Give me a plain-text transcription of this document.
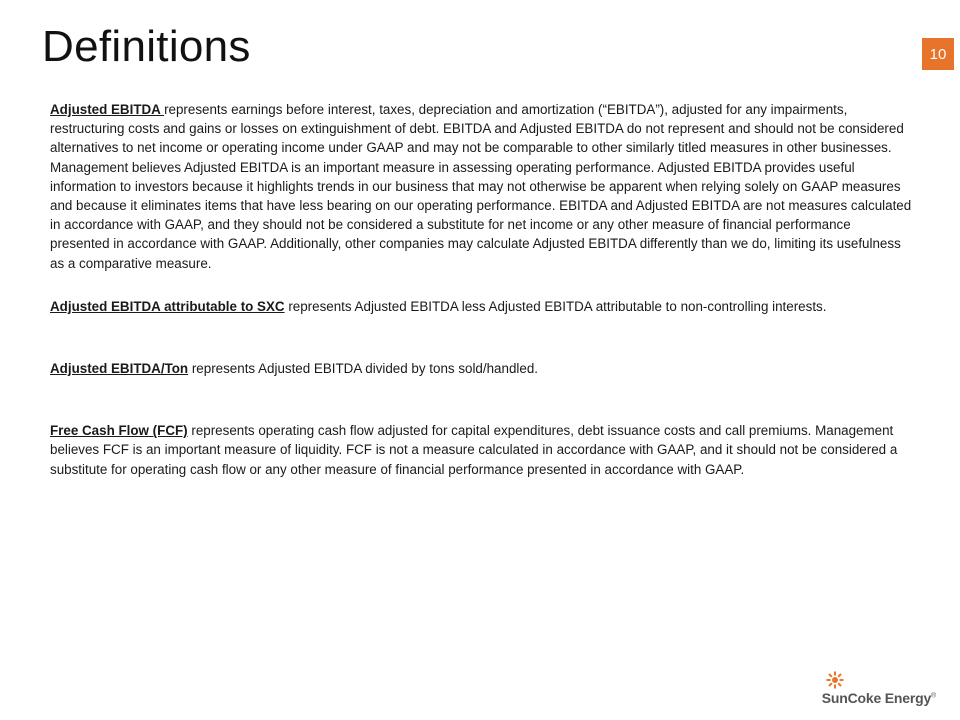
Definitions	10

Adjusted EBITDA represents earnings before interest, taxes, depreciation and amortization (“EBITDA”), adjusted for any impairments, restructuring costs and gains or losses on extinguishment of debt. EBITDA and Adjusted EBITDA do not represent and should not be considered alternatives to net income or operating income under GAAP and may not be comparable to other similarly titled measures in other businesses. Management believes Adjusted EBITDA is an important measure in assessing operating performance. Adjusted EBITDA provides useful information to investors because it highlights trends in our business that may not otherwise be apparent when relying solely on GAAP measures and because it eliminates items that have less bearing on our operating performance. EBITDA and Adjusted EBITDA are not measures calculated in accordance with GAAP, and they should not be considered a substitute for net income or any other measure of financial performance presented in accordance with GAAP. Additionally, other companies may calculate Adjusted EBITDA differently than we do, limiting its usefulness as a comparative measure.

Adjusted EBITDA attributable to SXC represents Adjusted EBITDA less Adjusted EBITDA attributable to non-controlling interests.

Adjusted EBITDA/Ton represents Adjusted EBITDA divided by tons sold/handled.

Free Cash Flow (FCF) represents operating cash flow adjusted for capital expenditures, debt issuance costs and call premiums. Management believes FCF is an important measure of liquidity. FCF is not a measure calculated in accordance with GAAP, and it should not be considered a substitute for operating cash flow or any other measure of financial performance presented in accordance with GAAP.

SunCoke Energy®
